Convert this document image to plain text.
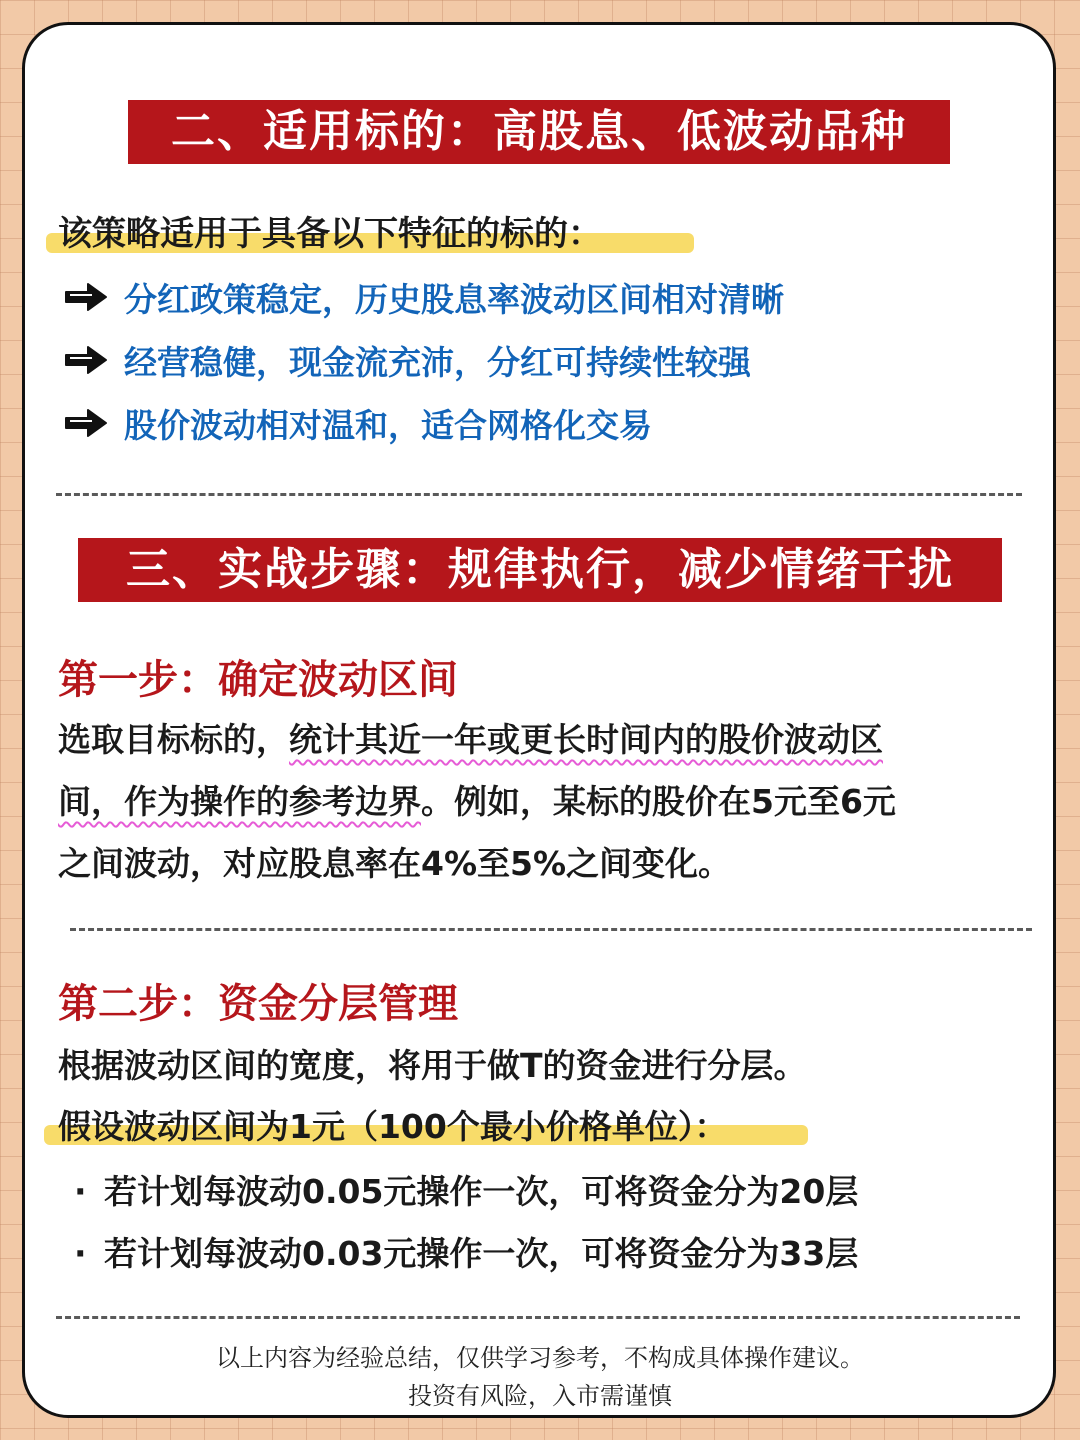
二、适用标的：高股息、低波动品种
该策略适用于具备以下特征的标的：
分红政策稳定，历史股息率波动区间相对清晰
经营稳健，现金流充沛，分红可持续性较强
股价波动相对温和，适合网格化交易
三、实战步骤：规律执行，减少情绪干扰
第一步：确定波动区间
选取目标标的，统计其近一年或更长时间内的股价波动区
间，作为操作的参考边界。例如，某标的股价在5元至6元
之间波动，对应股息率在4%至5%之间变化。
第二步：资金分层管理
根据波动区间的宽度，将用于做T的资金进行分层。
假设波动区间为1元（100个最小价格单位）：
· 若计划每波动0.05元操作一次，可将资金分为20层
· 若计划每波动0.03元操作一次，可将资金分为33层
以上内容为经验总结，仅供学习参考，不构成具体操作建议。
投资有风险，入市需谨慎
